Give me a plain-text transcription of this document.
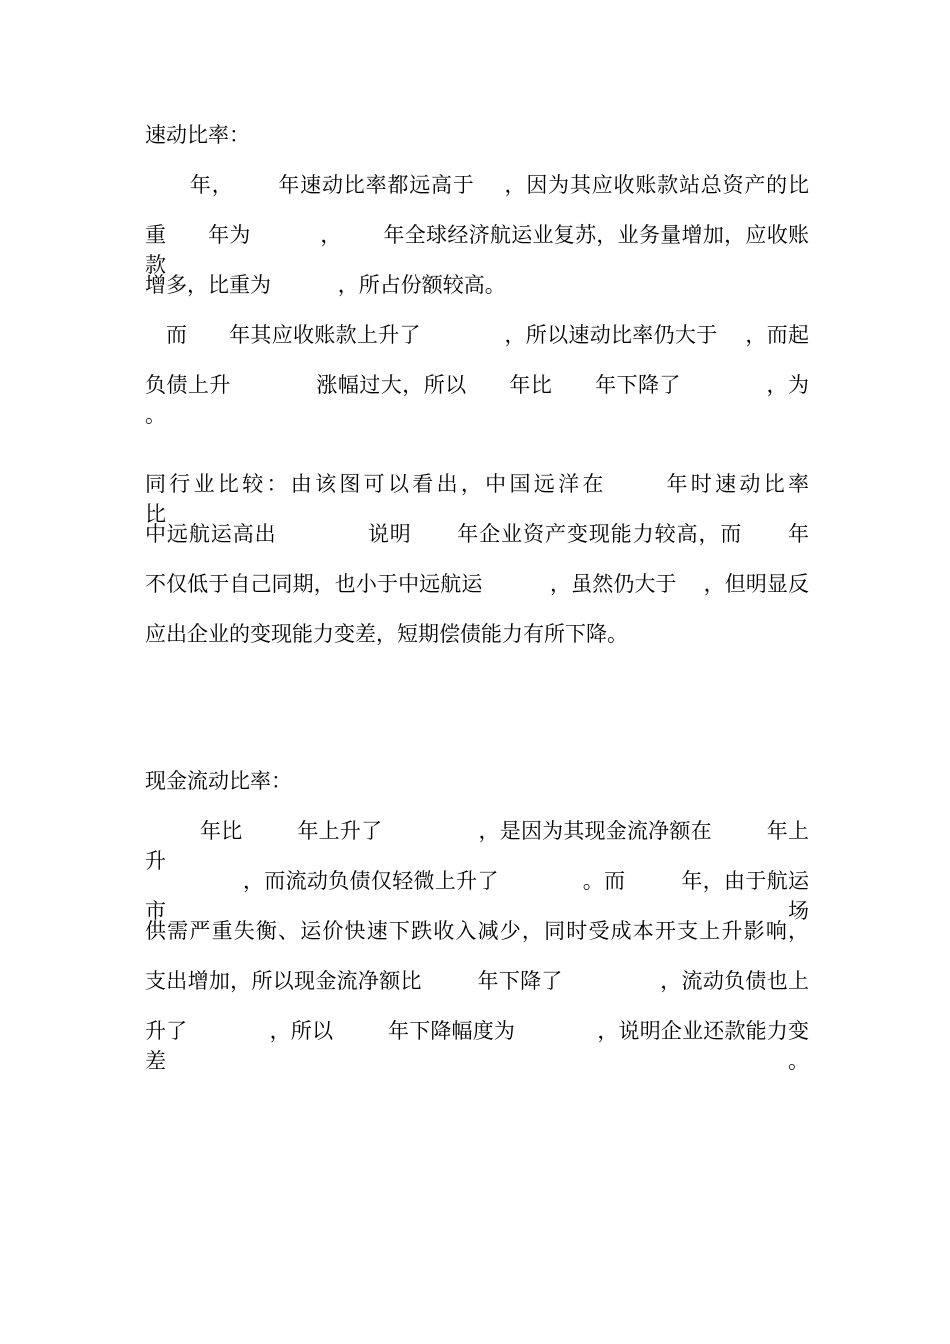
速动比率：
年，      年速动比率都远高于    ，因为其应收账款站总资产的比
重      年为          ，      年全球经济航运业复苏，业务量增加，应收账款
增多，比重为          ，所占份额较高。
而      年其应收账款上升了            ，所以速动比率仍大于    ，而起
负债上升            涨幅过大，所以      年比      年下降了            ，为          。
同行业比较：由该图可以看出，中国远洋在      年时速动比率            比
中远航运高出            说明      年企业资产变现能力较高，而      年
不仅低于自己同期，也小于中远航运          ，虽然仍大于    ，但明显反
应出企业的变现能力变差，短期偿债能力有所下降。
现金流动比率：
年比        年上升了              ，是因为其现金流净额在        年上升
，而流动负债仅轻微上升了            。而        年，由于航运市场
供需严重失衡、运价快速下跌收入减少，同时受成本开支上升影响，
支出增加，所以现金流净额比        年下降了              ，流动负债也上
升了            ，所以        年下降幅度为            ，说明企业还款能力变差。
